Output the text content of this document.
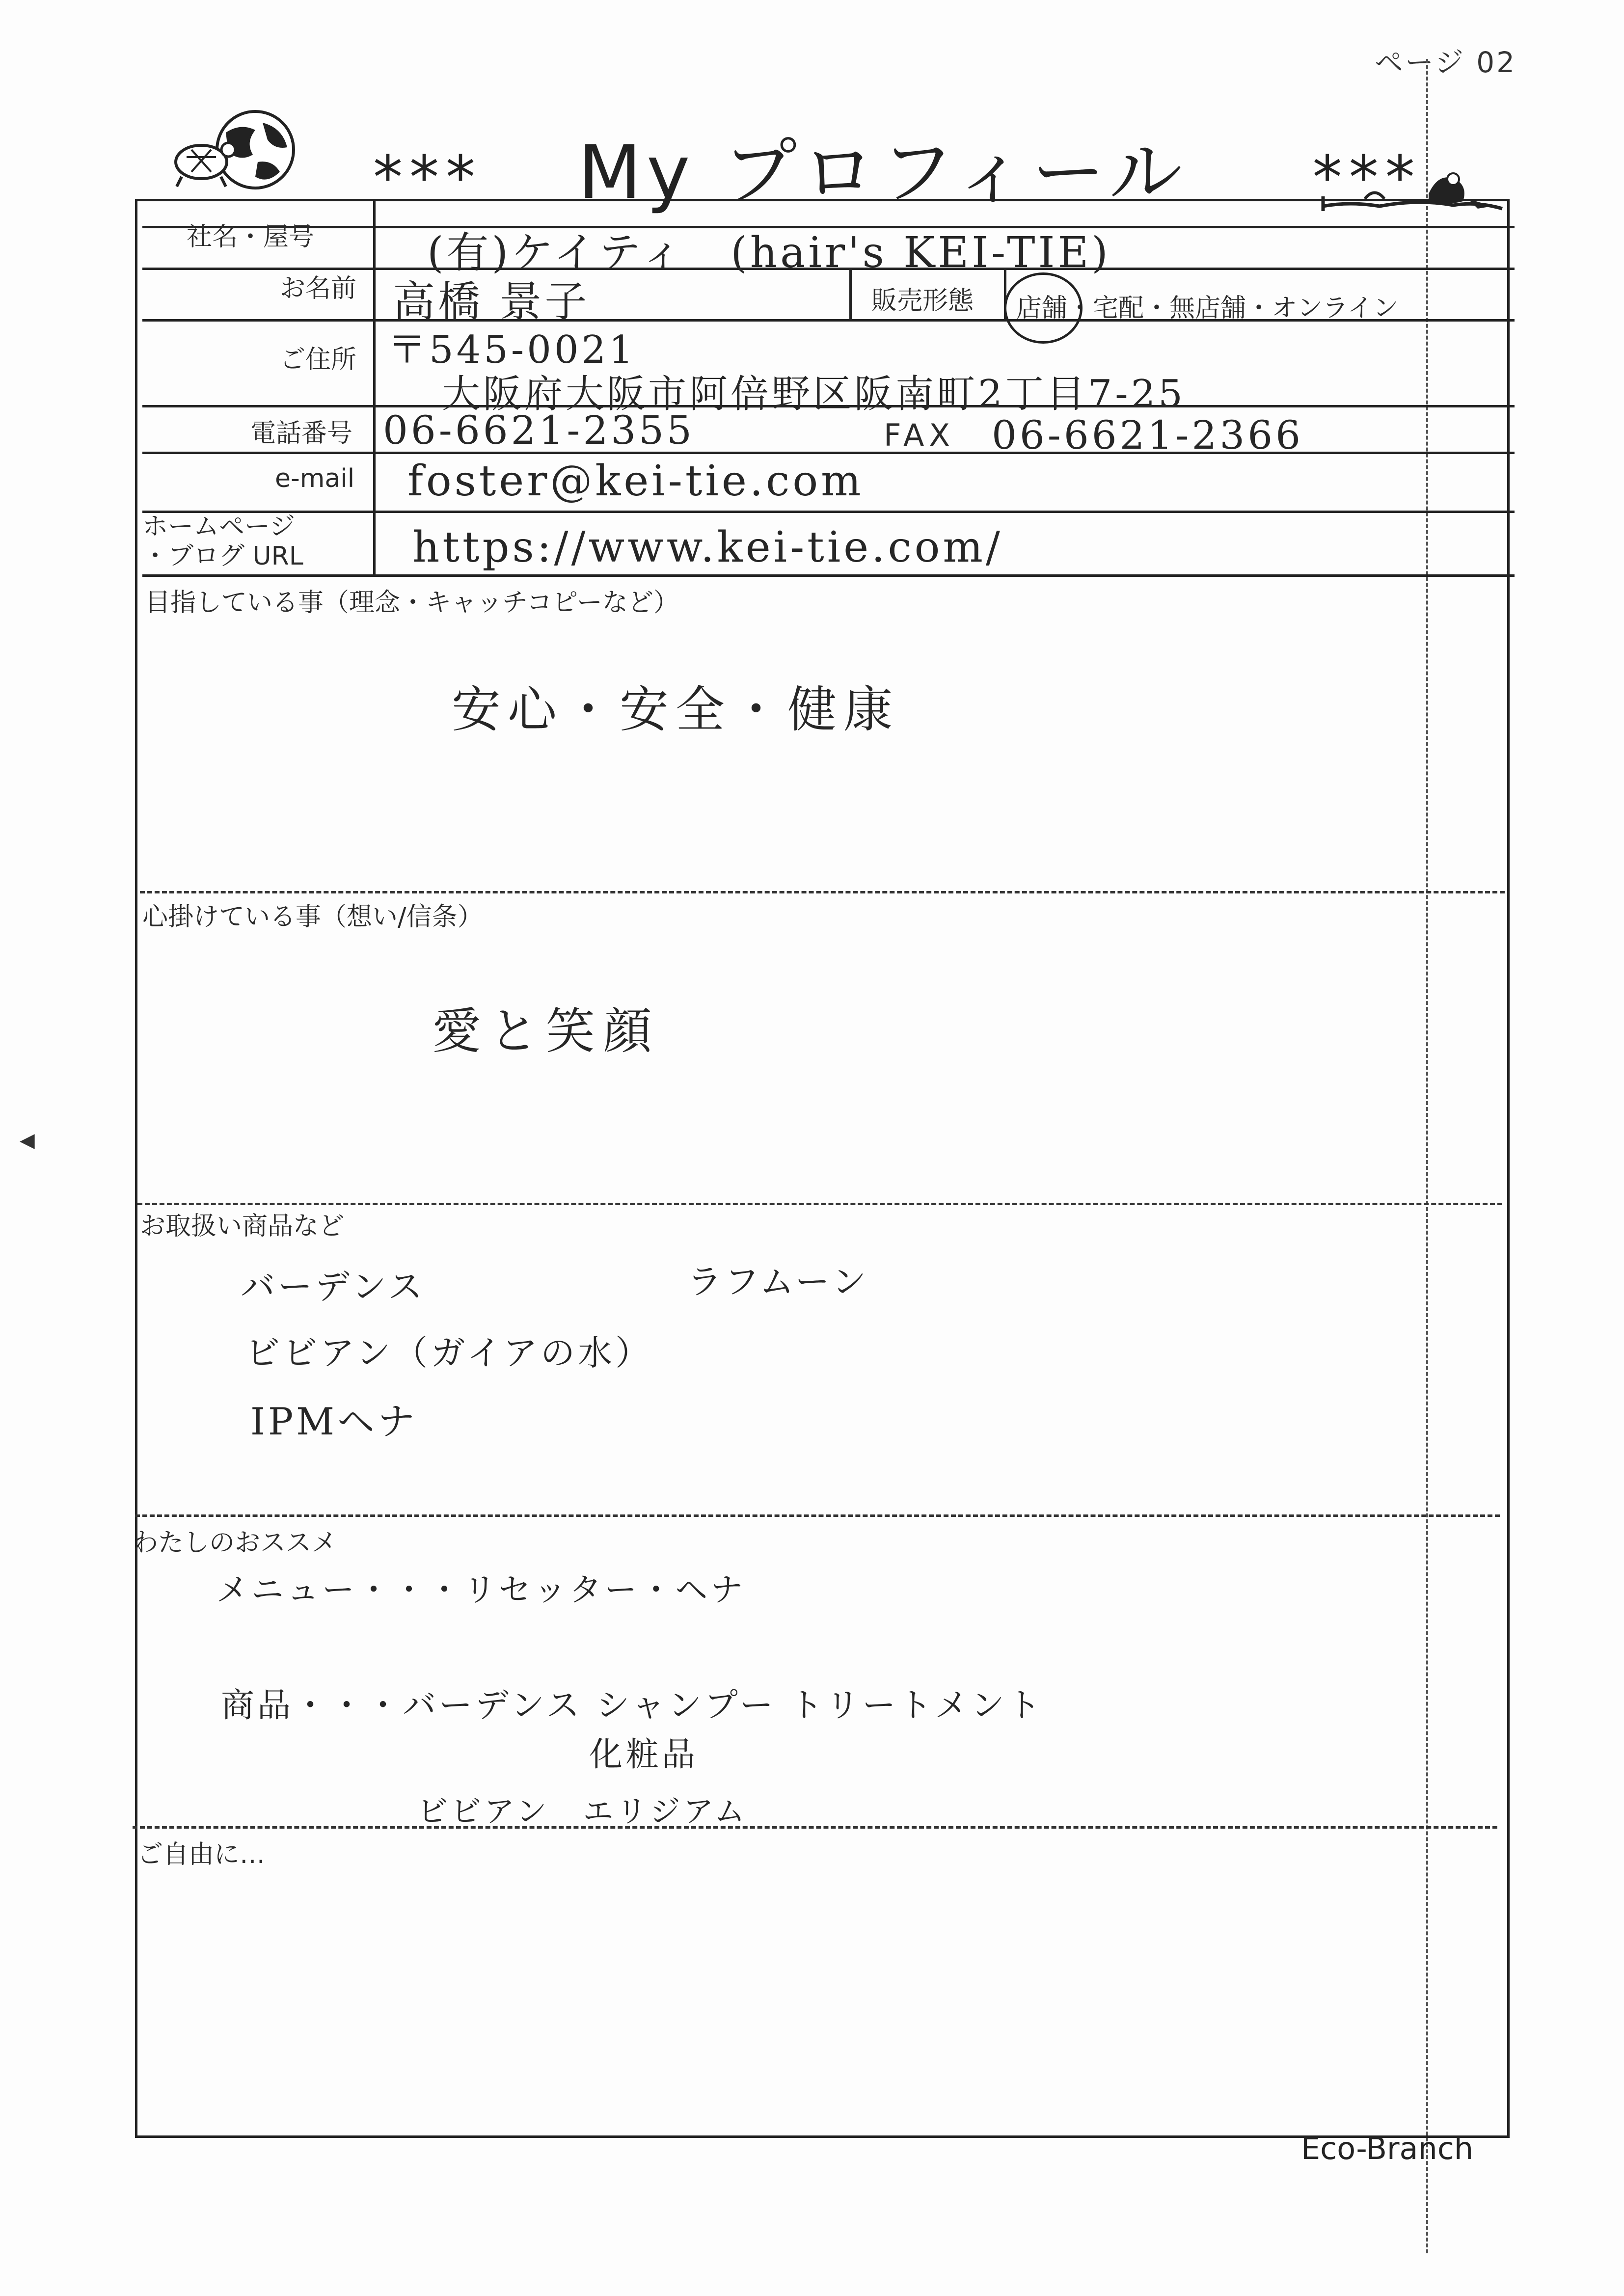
ページ 02
*** My プロフィール ***
社名・屋号	(有)ケイティ　(hair's KEI-TIE)
お名前 高橋 景子	販売形態 店舗・宅配・無店舗・オンライン
ご住所 〒545-0021
大阪府大阪市阿倍野区阪南町2丁目7-25
電話番号 06-6621-2355	FAX 06-6621-2366
e-mail foster@kei-tie.com
ホームページ
・ブログ URL	https://www.kei-tie.com/
目指している事（理念・キャッチコピーなど）
安心・安全・健康
心掛けている事（想い/信条）
愛と笑顔
お取扱い商品など
バーデンス	ラフムーン
ビビアン（ガイアの水）
IPMヘナ
わたしのおススメ
メニュー・・・リセッター・ヘナ
商品・・・バーデンス シャンプー トリートメント
化粧品
ビビアン　エリジアム
ご自由に…
Eco-Branch
◀
